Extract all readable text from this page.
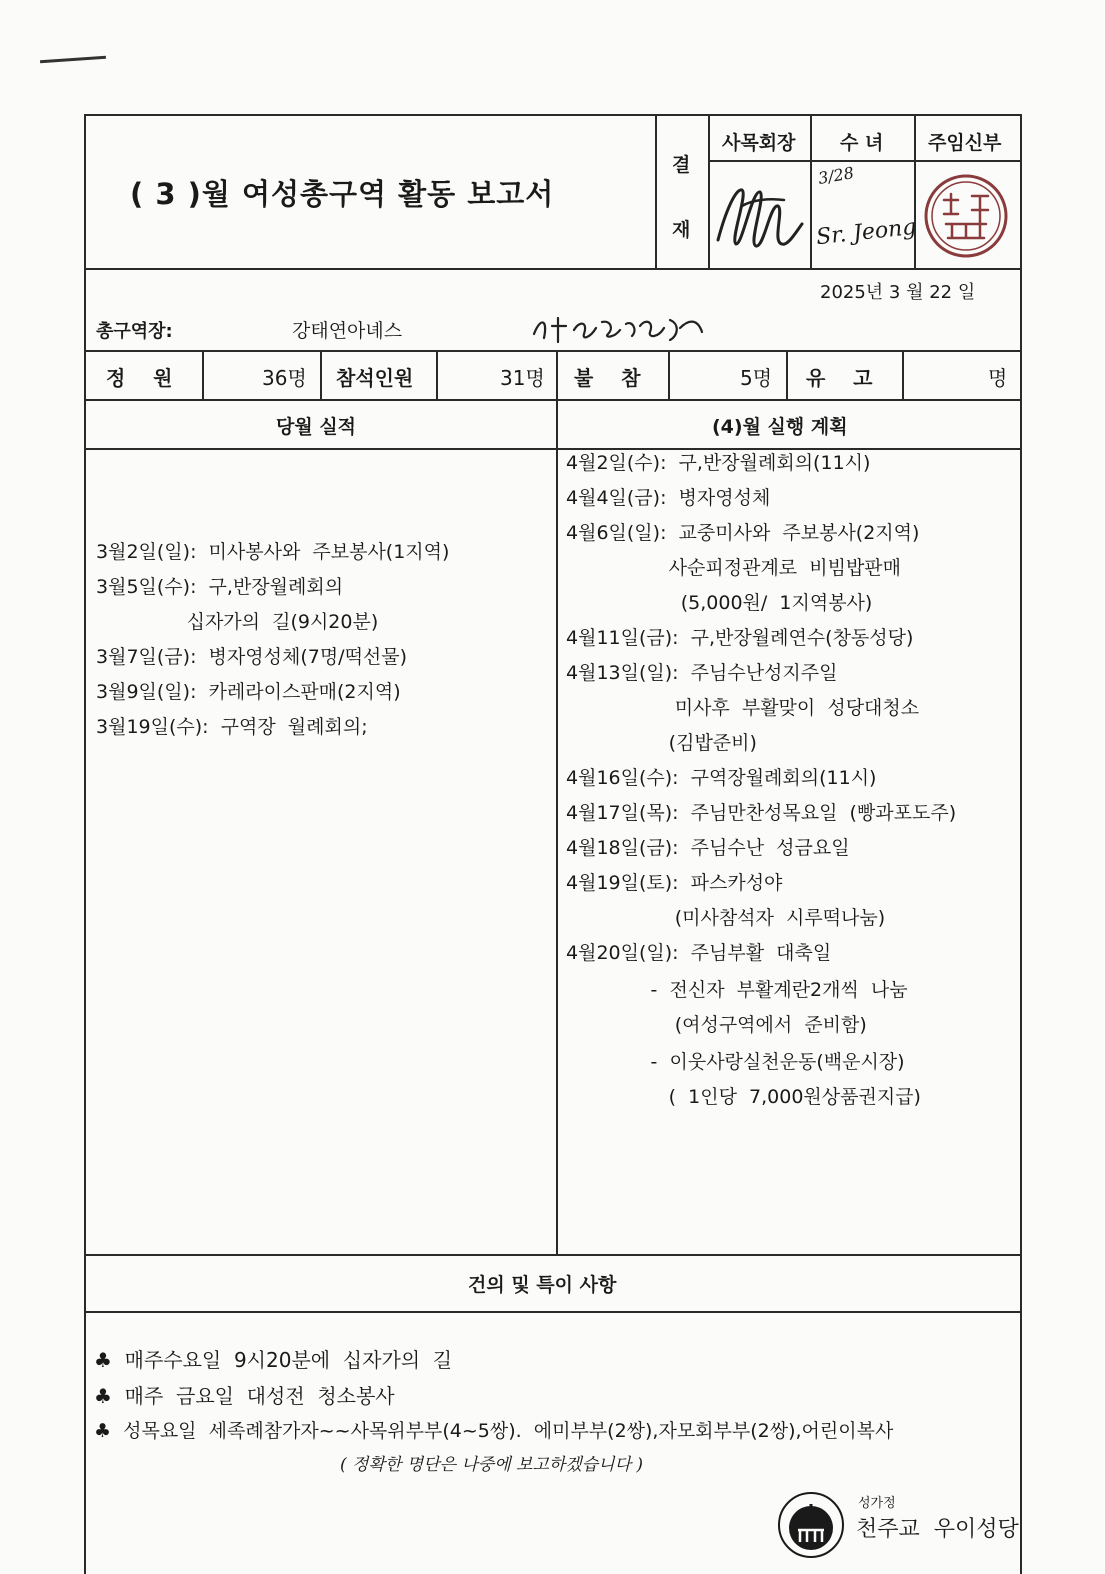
( 3 )월 여성총구역 활동 보고서
결
재
사목회장 수 녀 주임신부
3/28
Sr. Jeong
2025년 3 월 22 일
총구역장:	강태연아녜스
정    원	36명 참석인원	31명 불    참	5명 유    고	명
당월 실적	(4)월 실행 계획
3월2일(일):  미사봉사와  주보봉사(1지역)
3월5일(수):  구,반장월례회의
십자가의  길(9시20분)
3월7일(금):  병자영성체(7명/떡선물)
3월9일(일):  카레라이스판매(2지역)
3월19일(수):  구역장  월례회의;
4월2일(수):  구,반장월례회의(11시)
4월4일(금):  병자영성체
4월6일(일):  교중미사와  주보봉사(2지역)
사순피정관계로  비빔밥판매
(5,000원/  1지역봉사)
4월11일(금):  구,반장월례연수(창동성당)
4월13일(일):  주님수난성지주일
미사후  부활맞이  성당대청소
(김밥준비)
4월16일(수):  구역장월례회의(11시)
4월17일(목):  주님만찬성목요일  (빵과포도주)
4월18일(금):  주님수난  성금요일
4월19일(토):  파스카성야
(미사참석자  시루떡나눔)
4월20일(일):  주님부활  대축일
-  전신자  부활계란2개씩  나눔
(여성구역에서  준비함)
-  이웃사랑실천운동(백운시장)
(  1인당  7,000원상품권지급)
건의 및 특이 사항
♣  매주수요일  9시20분에  십자가의  길
♣  매주  금요일  대성전  청소봉사
♣  성목요일  세족례참가자~~사목위부부(4~5쌍).  에미부부(2쌍),자모회부부(2쌍),어린이복사
( 정확한 명단은 나중에 보고하겠습니다 )
성가정
천주교  우이성당
